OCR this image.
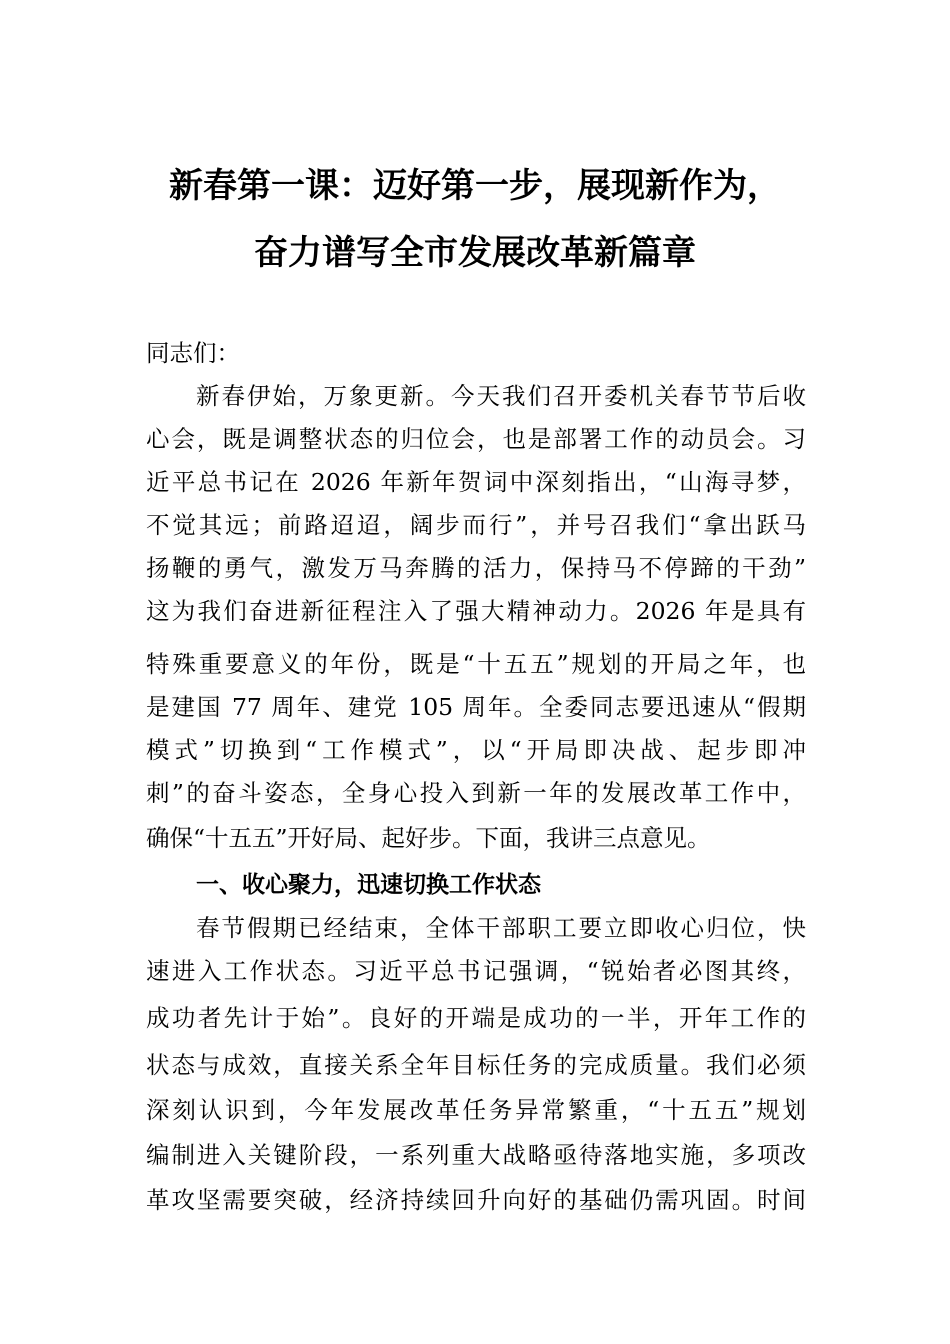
新春第一课：迈好第一步，展现新作为，
奋力谱写全市发展改革新篇章
同志们：
新春伊始，万象更新。今天我们召开委机关春节节后收
心会，既是调整状态的归位会，也是部署工作的动员会。习
近平总书记在 2026 年新年贺词中深刻指出，“山海寻梦，
不觉其远；前路迢迢，阔步而行”，并号召我们“拿出跃马
扬鞭的勇气，激发万马奔腾的活力，保持马不停蹄的干劲”
这为我们奋进新征程注入了强大精神动力。2026 年是具有
特殊重要意义的年份，既是“十五五”规划的开局之年，也
是建国 77 周年、建党 105 周年。全委同志要迅速从“假期
模式”切换到“工作模式”，以“开局即决战、起步即冲
刺”的奋斗姿态，全身心投入到新一年的发展改革工作中，
确保“十五五”开好局、起好步。下面，我讲三点意见。
一、收心聚力，迅速切换工作状态
春节假期已经结束，全体干部职工要立即收心归位，快
速进入工作状态。习近平总书记强调，“锐始者必图其终，
成功者先计于始”。良好的开端是成功的一半，开年工作的
状态与成效，直接关系全年目标任务的完成质量。我们必须
深刻认识到，今年发展改革任务异常繁重，“十五五”规划
编制进入关键阶段，一系列重大战略亟待落地实施，多项改
革攻坚需要突破，经济持续回升向好的基础仍需巩固。时间
